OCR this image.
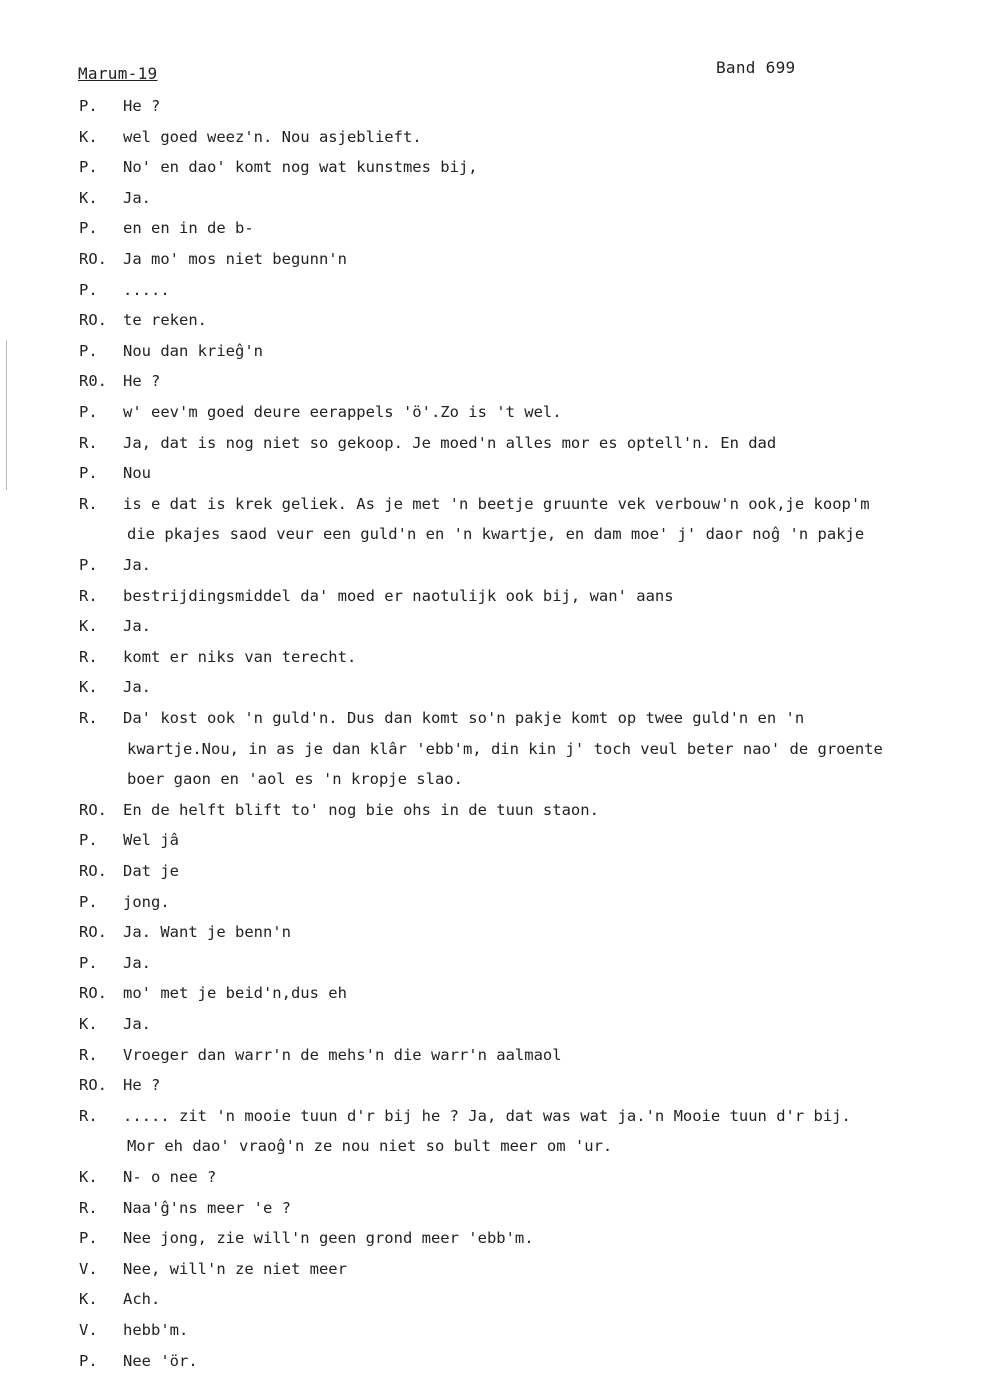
Marum-19	Band 699
P. He ?
K. wel goed weez'n. Nou asjeblieft.
P. No' en dao' komt nog wat kunstmes bij,
K. Ja.
P. en en in de b-
RO. Ja mo' mos niet begunn'n
P. .....
RO. te reken.
P. Nou dan krieĝ'n
R0. He ?
P. w' eev'm goed deure eerappels 'ö'.Zo is 't wel.
R. Ja, dat is nog niet so gekoop. Je moed'n alles mor es optell'n. En dad
P. Nou
R. is e dat is krek geliek. As je met 'n beetje gruunte vek verbouw'n ook,je koop'm
die pkajes saod veur een guld'n en 'n kwartje, en dam moe' j' daor noĝ 'n pakje
P. Ja.
R. bestrijdingsmiddel da' moed er naotulijk ook bij, wan' aans
K. Ja.
R. komt er niks van terecht.
K. Ja.
R. Da' kost ook 'n guld'n. Dus dan komt so'n pakje komt op twee guld'n en 'n
kwartje.Nou, in as je dan klâr 'ebb'm, din kin j' toch veul beter nao' de groente
boer gaon en 'aol es 'n kropje slao.
RO. En de helft blift to' nog bie ohs in de tuun staon.
P. Wel jâ
RO. Dat je
P. jong.
RO. Ja. Want je benn'n
P. Ja.
RO. mo' met je beid'n,dus eh
K. Ja.
R. Vroeger dan warr'n de mehs'n die warr'n aalmaol
RO. He ?
R. ..... zit 'n mooie tuun d'r bij he ? Ja, dat was wat ja.'n Mooie tuun d'r bij.
Mor eh dao' vraoĝ'n ze nou niet so bult meer om 'ur.
K. N- o nee ?
R. Naa'ĝ'ns meer 'e ?
P. Nee jong, zie will'n geen grond meer 'ebb'm.
V. Nee, will'n ze niet meer
K. Ach.
V. hebb'm.
P. Nee 'ör.
